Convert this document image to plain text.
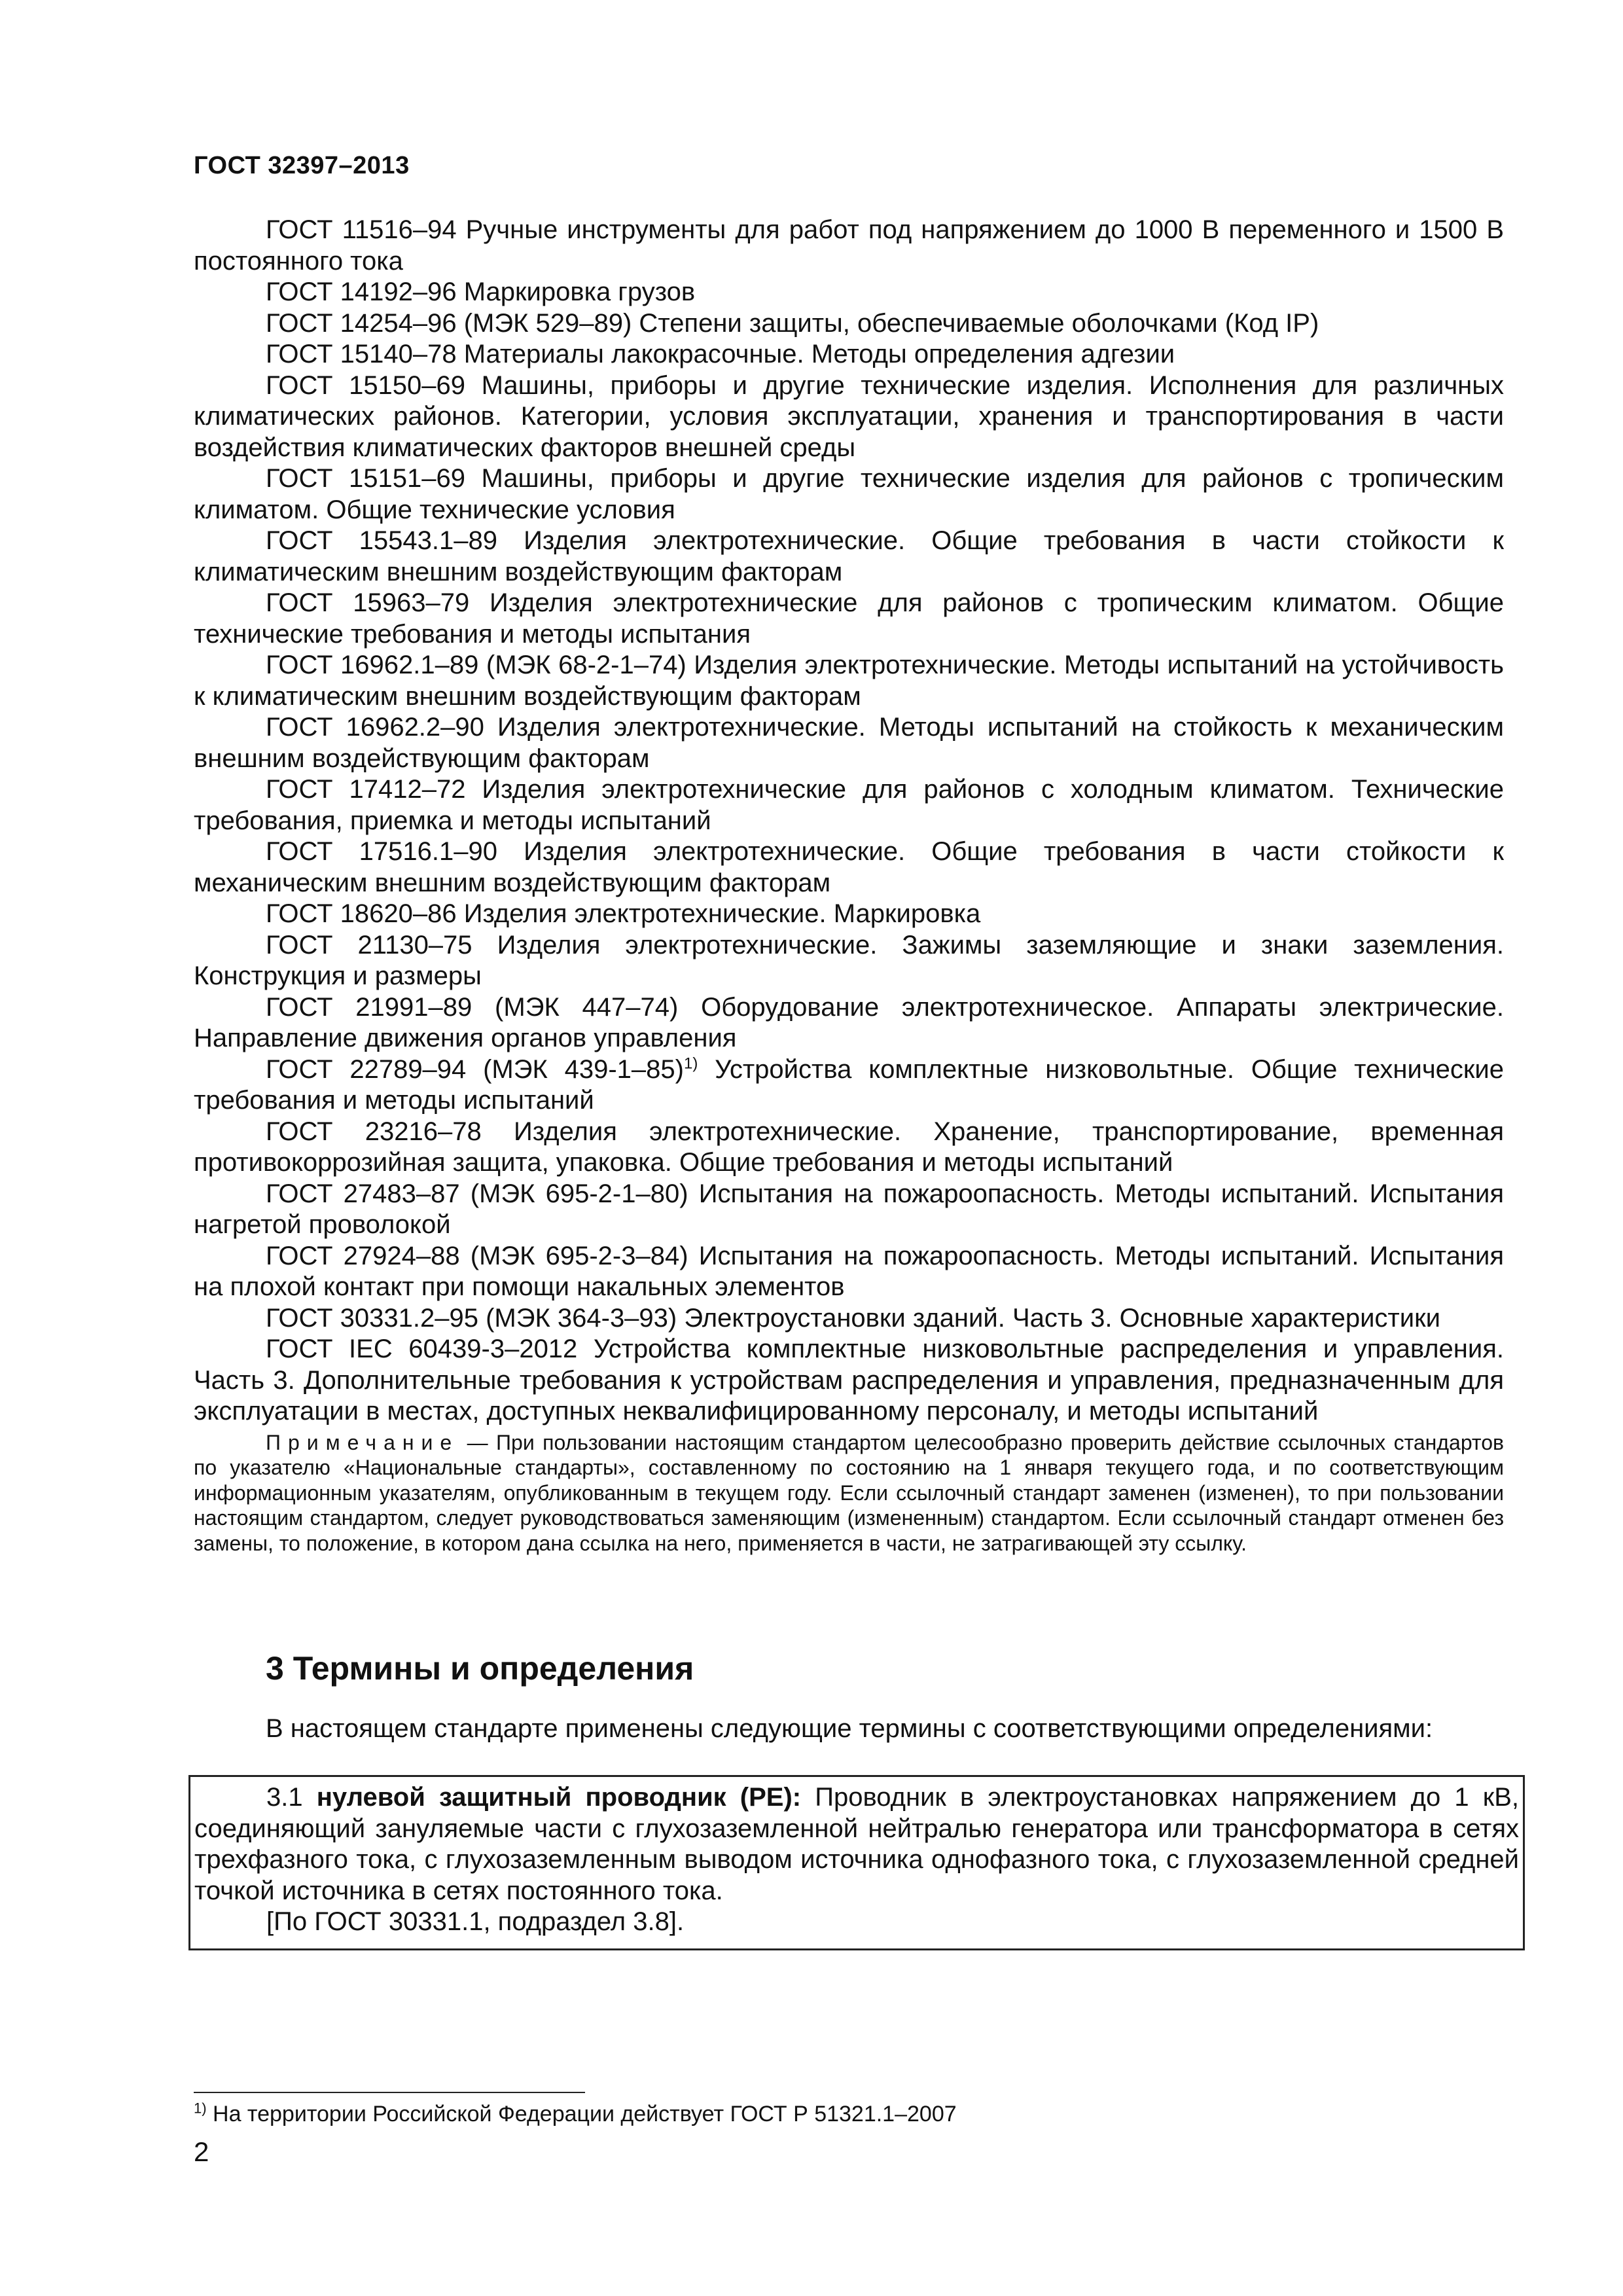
ГОСТ 32397–2013

ГОСТ 11516–94 Ручные инструменты для работ под напряжением до 1000 В переменного и 1500 В постоянного тока

ГОСТ 14192–96 Маркировка грузов

ГОСТ 14254–96 (МЭК 529–89) Степени защиты, обеспечиваемые оболочками (Код IP)

ГОСТ 15140–78 Материалы лакокрасочные. Методы определения адгезии

ГОСТ 15150–69 Машины, приборы и другие технические изделия. Исполнения для различных климатических районов. Категории, условия эксплуатации, хранения и транспортирования в части воздействия климатических факторов внешней среды

ГОСТ 15151–69 Машины, приборы и другие технические изделия для районов с тропическим климатом. Общие технические условия

ГОСТ 15543.1–89 Изделия электротехнические. Общие требования в части стойкости к климатическим внешним воздействующим факторам

ГОСТ 15963–79 Изделия электротехнические для районов с тропическим климатом. Общие технические требования и методы испытания

ГОСТ 16962.1–89 (МЭК 68-2-1–74) Изделия электротехнические. Методы испытаний на устойчивость к климатическим внешним воздействующим факторам

ГОСТ 16962.2–90 Изделия электротехнические. Методы испытаний на стойкость к механическим внешним воздействующим факторам

ГОСТ 17412–72 Изделия электротехнические для районов с холодным климатом. Технические требования, приемка и методы испытаний

ГОСТ 17516.1–90 Изделия электротехнические. Общие требования в части стойкости к механическим внешним воздействующим факторам

ГОСТ 18620–86 Изделия электротехнические. Маркировка

ГОСТ 21130–75 Изделия электротехнические. Зажимы заземляющие и знаки заземления. Конструкция и размеры

ГОСТ 21991–89 (МЭК 447–74) Оборудование электротехническое. Аппараты электрические. Направление движения органов управления

ГОСТ 22789–94 (МЭК 439-1–85)$^{1)}$ Устройства комплектные низковольтные. Общие технические требования и методы испытаний

ГОСТ 23216–78 Изделия электротехнические. Хранение, транспортирование, временная противокоррозийная защита, упаковка. Общие требования и методы испытаний

ГОСТ 27483–87 (МЭК 695-2-1–80) Испытания на пожароопасность. Методы испытаний. Испытания нагретой проволокой

ГОСТ 27924–88 (МЭК 695-2-3–84) Испытания на пожароопасность. Методы испытаний. Испытания на плохой контакт при помощи накальных элементов

ГОСТ 30331.2–95 (МЭК 364-3–93) Электроустановки зданий. Часть 3. Основные характеристики

ГОСТ IEC 60439-3–2012 Устройства комплектные низковольтные распределения и управления. Часть 3. Дополнительные требования к устройствам распределения и управления, предназначенным для эксплуатации в местах, доступных неквалифицированному персоналу, и методы испытаний

Примечание — При пользовании настоящим стандартом целесообразно проверить действие ссылочных стандартов по указателю «Национальные стандарты», составленному по состоянию на 1 января текущего года, и по соответствующим информационным указателям, опубликованным в текущем году. Если ссылочный стандарт заменен (изменен), то при пользовании настоящим стандартом, следует руководствоваться заменяющим (измененным) стандартом. Если ссылочный стандарт отменен без замены, то положение, в котором дана ссылка на него, применяется в части, не затрагивающей эту ссылку.

3 Термины и определения

В настоящем стандарте применены следующие термины с соответствующими определениями:

3.1 нулевой защитный проводник (PE): Проводник в электроустановках напряжением до 1 кВ, соединяющий зануляемые части с глухозаземленной нейтралью генератора или трансформатора в сетях трехфазного тока, с глухозаземленным выводом источника однофазного тока, с глухозаземленной средней точкой источника в сетях постоянного тока.

[По ГОСТ 30331.1, подраздел 3.8].

$^{1)}$ На территории Российской Федерации действует ГОСТ Р 51321.1–2007
2
